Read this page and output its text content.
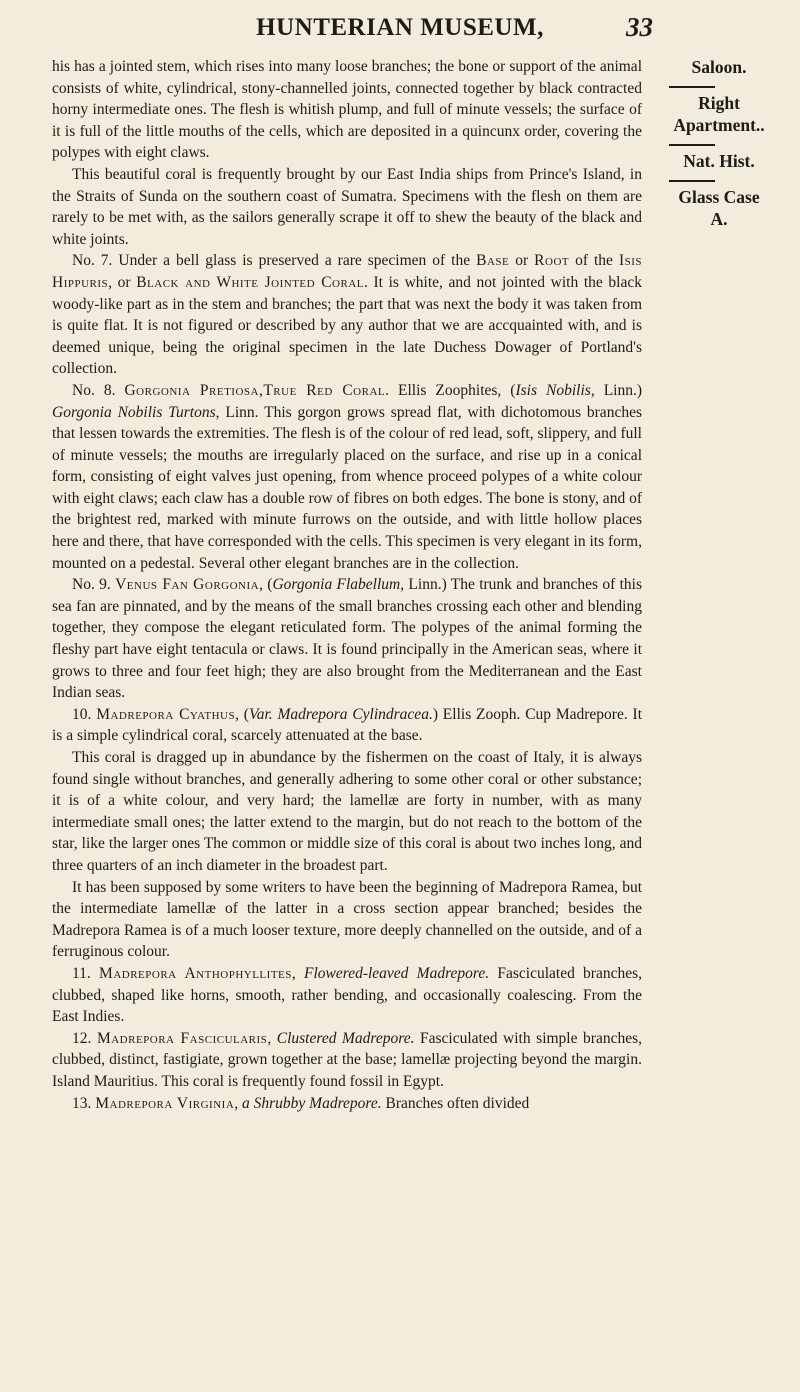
HUNTERIAN MUSEUM,	33
Saloon.
Right
Apartment..
Nat. Hist.
Glass Case
A.

his has a jointed stem, which rises into many loose branches; the bone or support of the animal consists of white, cylindrical, stony-channelled joints, connected together by black contracted horny intermediate ones. The flesh is whitish plump, and full of minute vessels; the surface of it is full of the little mouths of the cells, which are deposited in a quincunx order, covering the polypes with eight claws.

This beautiful coral is frequently brought by our East India ships from Prince's Island, in the Straits of Sunda on the southern coast of Sumatra. Specimens with the flesh on them are rarely to be met with, as the sailors generally scrape it off to shew the beauty of the black and white joints.

No. 7. Under a bell glass is preserved a rare specimen of the Base or Root of the Isis Hippuris, or Black and White Jointed Coral. It is white, and not jointed with the black woody-like part as in the stem and branches; the part that was next the body it was taken from is quite flat. It is not figured or described by any author that we are accquainted with, and is deemed unique, being the original specimen in the late Duchess Dowager of Portland's collection.

No. 8. Gorgonia Pretiosa,True Red Coral. Ellis Zoophites, (Isis Nobilis, Linn.) Gorgonia Nobilis Turtons, Linn. This gorgon grows spread flat, with dichotomous branches that lessen towards the extremities. The flesh is of the colour of red lead, soft, slippery, and full of minute vessels; the mouths are irregularly placed on the surface, and rise up in a conical form, consisting of eight valves just opening, from whence proceed polypes of a white colour with eight claws; each claw has a double row of fibres on both edges. The bone is stony, and of the brightest red, marked with minute furrows on the outside, and with little hollow places here and there, that have corresponded with the cells. This specimen is very elegant in its form, mounted on a pedestal. Several other elegant branches are in the collection.

No. 9. Venus Fan Gorgonia, (Gorgonia Flabellum, Linn.) The trunk and branches of this sea fan are pinnated, and by the means of the small branches crossing each other and blending together, they compose the elegant reticulated form. The polypes of the animal forming the fleshy part have eight tentacula or claws. It is found principally in the American seas, where it grows to three and four feet high; they are also brought from the Mediterranean and the East Indian seas.

10. Madrepora Cyathus, (Var. Madrepora Cylindracea.) Ellis Zooph. Cup Madrepore. It is a simple cylindrical coral, scarcely attenuated at the base.

This coral is dragged up in abundance by the fishermen on the coast of Italy, it is always found single without branches, and generally adhering to some other coral or other substance; it is of a white colour, and very hard; the lamellæ are forty in number, with as many intermediate small ones; the latter extend to the margin, but do not reach to the bottom of the star, like the larger ones The common or middle size of this coral is about two inches long, and three quarters of an inch diameter in the broadest part.

It has been supposed by some writers to have been the beginning of Madrepora Ramea, but the intermediate lamellæ of the latter in a cross section appear branched; besides the Madrepora Ramea is of a much looser texture, more deeply channelled on the outside, and of a ferruginous colour.

11. Madrepora Anthophyllites, Flowered-leaved Madrepore. Fasciculated branches, clubbed, shaped like horns, smooth, rather bending, and occasionally coalescing. From the East Indies.

12. Madrepora Fascicularis, Clustered Madrepore. Fasciculated with simple branches, clubbed, distinct, fastigiate, grown together at the base; lamellæ projecting beyond the margin. Island Mauritius. This coral is frequently found fossil in Egypt.

13. Madrepora Virginia, a Shrubby Madrepore. Branches often divided
